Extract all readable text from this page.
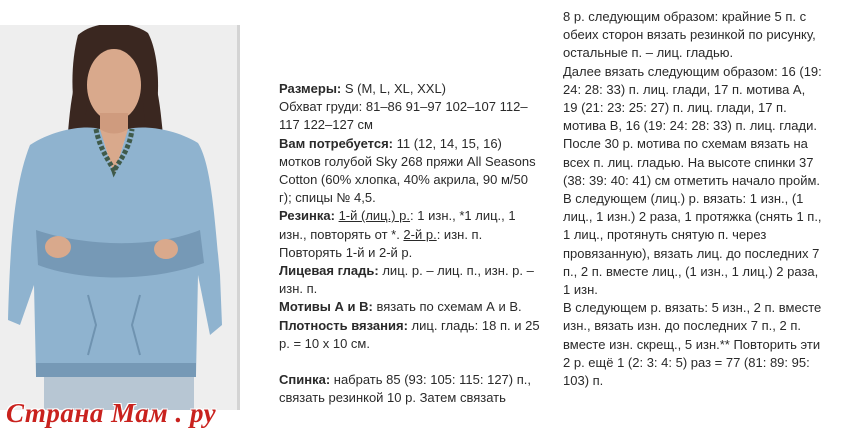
Страна Мам . ру

Размеры: S (M, L, XL, XXL)

Обхват груди: 81–86 91–97 102–107 112–117 122–127 см

Вам потребуется: 11 (12, 14, 15, 16) мотков голубой Sky 268 пряжи All Seasons Cotton (60% хлопка, 40% акрила, 90 м/50 г); спицы № 4,5.

Резинка: 1-й (лиц.) р.: 1 изн., *1 лиц., 1 изн., повторять от *. 2-й р.: изн. п. Повторять 1-й и 2-й р.

Лицевая гладь: лиц. р. – лиц. п., изн. р. – изн. п.

Мотивы А и В: вязать по схемам А и В.

Плотность вязания: лиц. гладь: 18 п. и 25 р. = 10 х 10 см.

Спинка: набрать 85 (93: 105: 115: 127) п., связать резинкой 10 р. Затем связать

8 р. следующим образом: крайние 5 п. с обеих сторон вязать резинкой по рисунку, остальные п. – лиц. гладью.

Далее вязать следующим образом: 16 (19: 24: 28: 33) п. лиц. глади, 17 п. мотива А, 19 (21: 23: 25: 27) п. лиц. глади, 17 п. мотива В, 16 (19: 24: 28: 33) п. лиц. глади. После 30 р. мотива по схемам вязать на всех п. лиц. гладью. На высоте спинки 37 (38: 39: 40: 41) см отметить начало пройм. В следующем (лиц.) р. вязать: 1 изн., (1 лиц., 1 изн.) 2 раза, 1 протяжка (снять 1 п., 1 лиц., протянуть снятую п. через провязанную), вязать лиц. до последних 7 п., 2 п. вместе лиц., (1 изн., 1 лиц.) 2 раза, 1 изн.

В следующем р. вязать: 5 изн., 2 п. вместе изн., вязать изн. до последних 7 п., 2 п. вместе изн. скрещ., 5 изн.** Повторить эти 2 р. ещё 1 (2: 3: 4: 5) раз = 77 (81: 89: 95: 103) п.
